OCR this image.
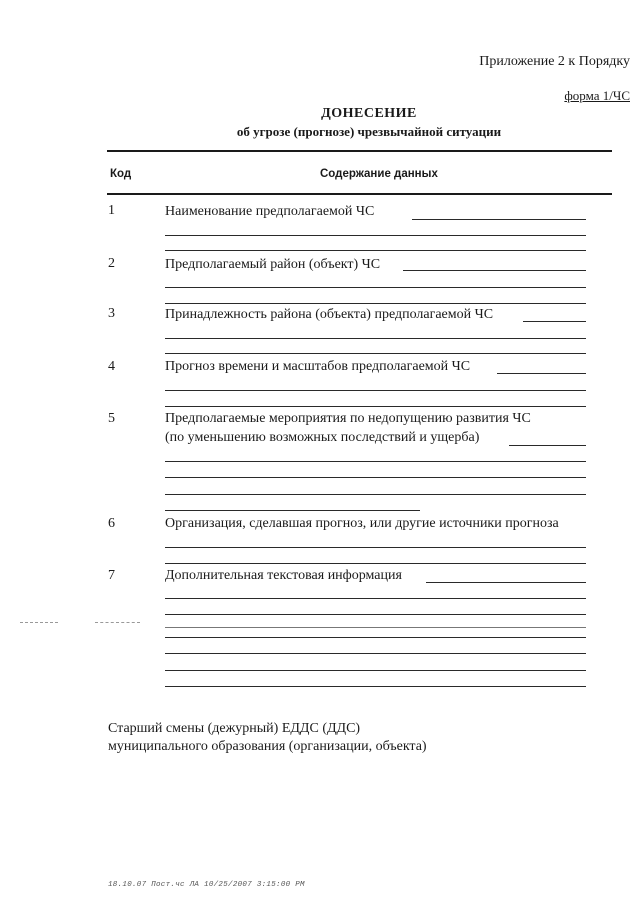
Приложение 2 к Порядку
форма 1/ЧС
ДОНЕСЕНИЕ
об угрозе (прогнозе) чрезвычайной ситуации
Код	Содержание данных
1	Наименование предполагаемой ЧС
2	Предполагаемый район (объект) ЧС
3	Принадлежность района (объекта) предполагаемой ЧС
4	Прогноз времени и масштабов предполагаемой ЧС
5	Предполагаемые мероприятия по недопущению развития ЧС
(по уменьшению возможных последствий и ущерба)
6	Организация, сделавшая прогноз, или другие источники прогноза
7	Дополнительная текстовая информация
Старший смены (дежурный) ЕДДС (ДДС)
муниципального образования (организации, объекта)
18.10.07 Пост.чс ЛА 10/25/2007 3:15:00 PM
